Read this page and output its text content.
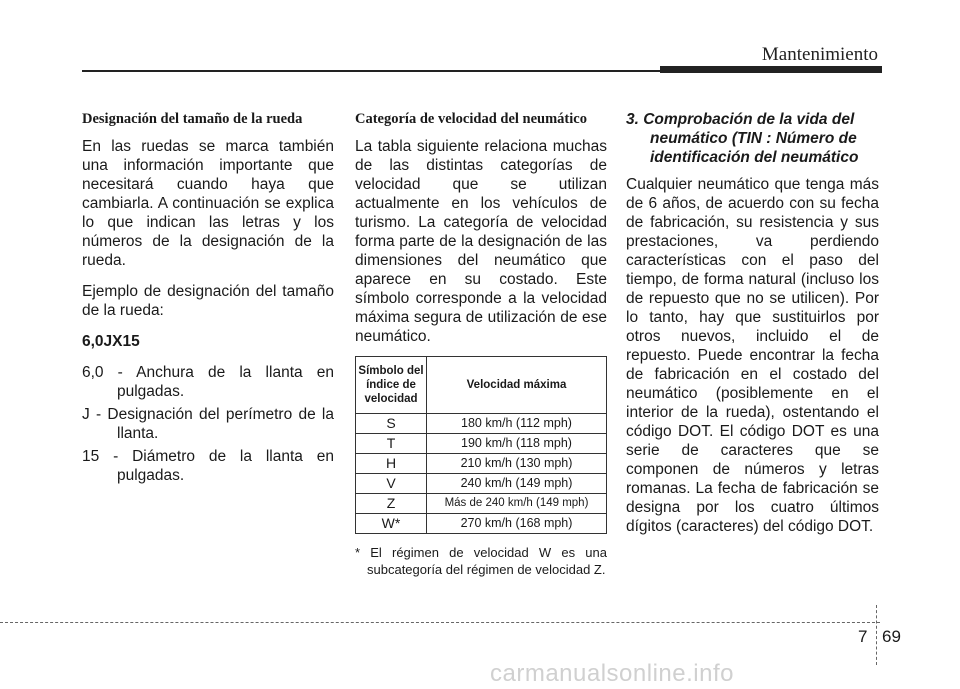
Mantenimiento
Designación del tamaño de la rueda

En las ruedas se marca también una información importante que necesitará cuando haya que cambiarla. A continuación se explica lo que indican las letras y los números de la designación de la rueda.

Ejemplo de designación del tamaño de la rueda:

6,0JX15

6,0 - Anchura de la llanta en pulgadas.

J - Designación del perímetro de la llanta.

15 - Diámetro de la llanta en pulgadas.

Categoría de velocidad del neumático

La tabla siguiente relaciona muchas de las distintas categorías de velocidad que se utilizan actualmente en los vehículos de turismo. La categoría de velocidad forma parte de la designación de las dimensiones del neumático que aparece en su costado. Este símbolo corresponde a la velocidad máxima segura de utilización de ese neumático.

Símbolo del índice de velocidad	Velocidad máxima
S	180 km/h (112 mph)
T	190 km/h (118 mph)
H	210 km/h (130 mph)
V	240 km/h (149 mph)
Z	Más de 240 km/h (149 mph)
W*	270 km/h (168 mph)

* El régimen de velocidad W es una subcategoría del régimen de velocidad Z.

3. Comprobación de la vida del neumático (TIN : Número de identificación del neumático

Cualquier neumático que tenga más de 6 años, de acuerdo con su fecha de fabricación, su resistencia y sus prestaciones, va perdiendo características con el paso del tiempo, de forma natural (incluso los de repuesto que no se utilicen). Por lo tanto, hay que sustituirlos por otros nuevos, incluido el de repuesto. Puede encontrar la fecha de fabricación en el costado del neumático (posiblemente en el interior de la rueda), ostentando el código DOT. El código DOT es una serie de caracteres que se componen de números y letras romanas. La fecha de fabricación se designa por los cuatro últimos dígitos (caracteres) del código DOT.

7 69
carmanualsonline.info
